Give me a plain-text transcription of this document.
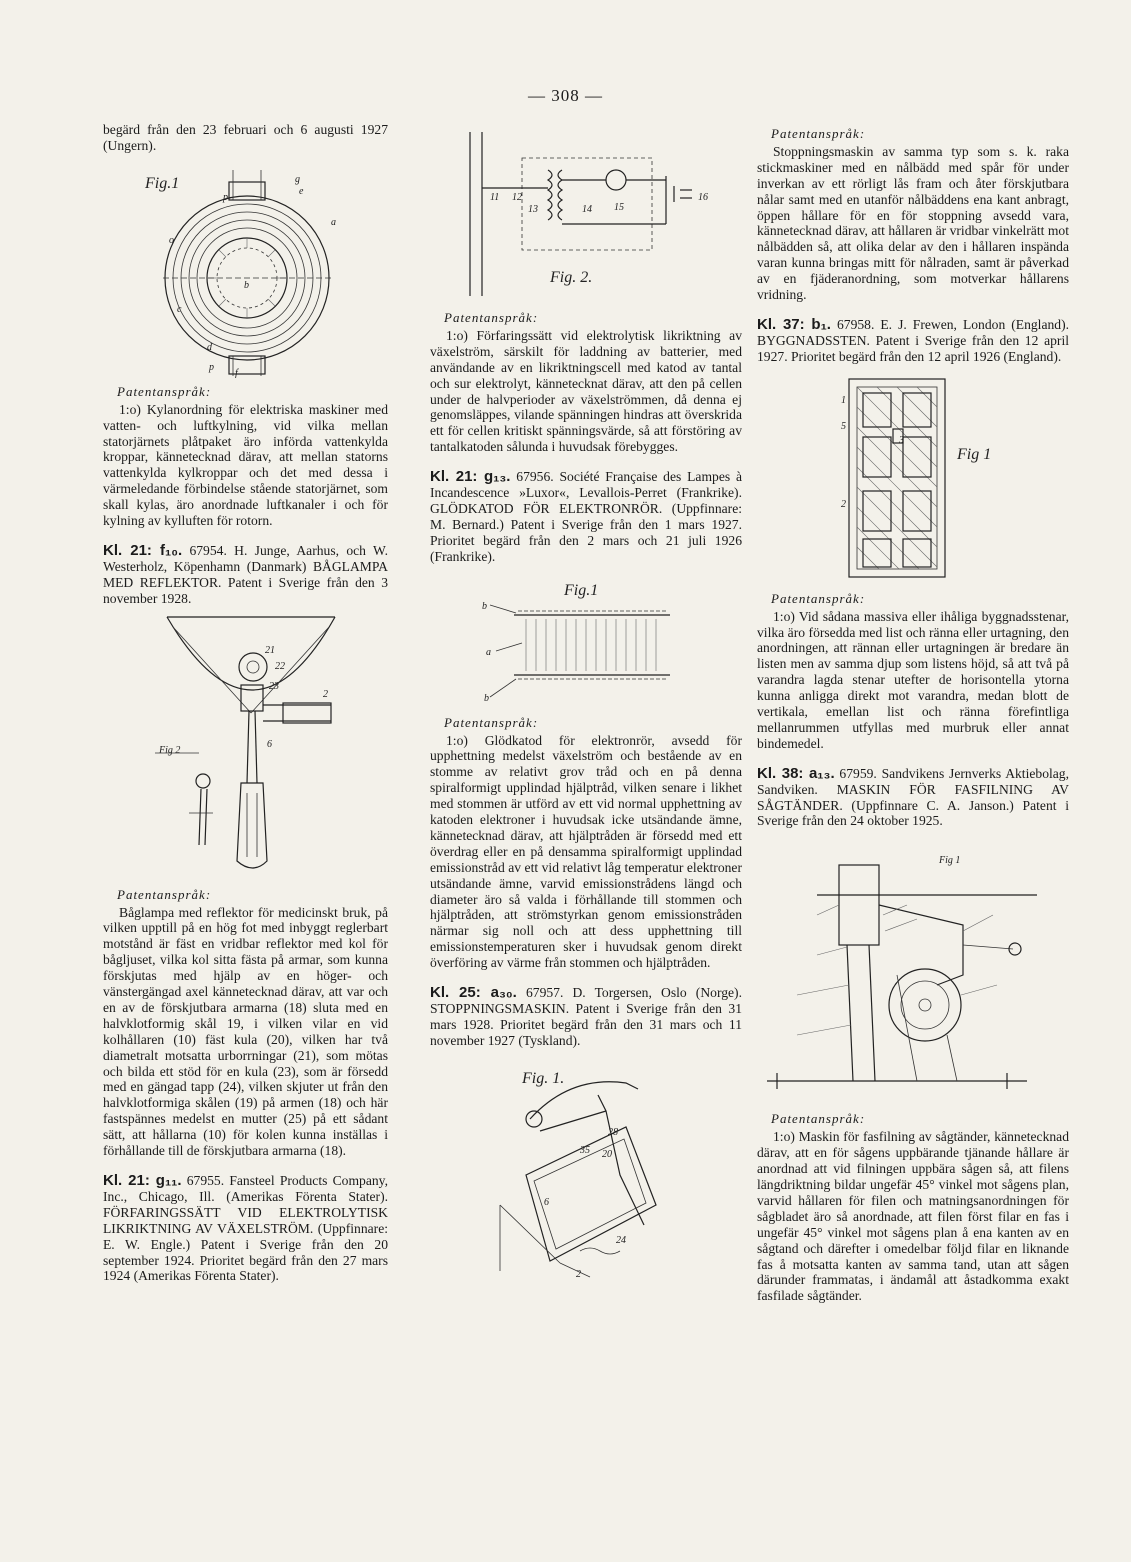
— 308 —

begärd från den 23 februari och 6 augusti 1927 (Ungern).

Fig.1
p
g
e
a
o
b
c
d
p
f
Patentanspråk:

1:o) Kylanordning för elektriska maskiner med vatten- och luftkylning, vid vilka mellan statorjärnets plåtpaket äro införda vattenkylda kroppar, kännetecknad därav, att mellan statorns vattenkylda kylkroppar och det med dessa i värmeledande förbindelse stående statorjärnet, som skall kylas, äro anordnade luftkanaler i och för kylning av kylluften för rotorn.

Kl. 21: f₁₀. 67954. H. Junge, Aarhus, och W. Westerholz, Köpenhamn (Danmark) BÅGLAMPA MED REFLEKTOR. Patent i Sverige från den 3 november 1928.

Fig 2
21
22
23
2
6
Patentanspråk:

Båglampa med reflektor för medicinskt bruk, på vilken upptill på en hög fot med inbyggt reglerbart motstånd är fäst en vridbar reflektor med kol för båglјuset, vilka kol sitta fästa på armar, som kunna förskjutas med hjälp av en höger- och vänstergängad axel kännetecknad därav, att var och en av de förskjutbara armarna (18) sluta med en halvklotformig skål 19, i vilken vilar en vid kolhållaren (10) fäst kula (20), vilken har två diametralt motsatta urborrningar (21), som mötas och bilda ett stöd för en kula (23), som är försedd med en gängad tapp (24), vilken skjuter ut från den halvklotformiga skålen (19) på armen (18) och här fastspännes medelst en mutter (25) på ett sådant sätt, att hållarna (10) för kolen kunna inställas i förhållande till de förskjutbara armarna (18).

Kl. 21: g₁₁. 67955. Fansteel Products Company, Inc., Chicago, Ill. (Amerikas Förenta Stater). FÖRFARINGSSÄTT VID ELEKTROLYTISK LIKRIKTNING AV VÄXELSTRÖM. (Uppfinnare: E. W. Engle.) Patent i Sverige från den 20 september 1924. Prioritet begärd från den 27 mars 1924 (Amerikas Förenta Stater).

11 12
13	14 15
16
Fig. 2.
Patentanspråk:

1:o) Förfaringssätt vid elektrolytisk likriktning av växelström, särskilt för laddning av batterier, med användande av en likriktningscell med katod av tantal och sur elektrolyt, kännetecknat därav, att den på cellen under de halvperioder av växelströmmen, då denna ej genomsläppes, vilande spänningen hindras att överskrida ett för cellen kritiskt spänningsvärde, så att förstöring av tantalkatoden sålunda i huvudsak förebygges.

Kl. 21: g₁₃. 67956. Société Française des Lampes à Incandescence »Luxor«, Levallois-Perret (Frankrike). GLÖDKATOD FÖR ELEKTRONRÖR. (Uppfinnare: M. Bernard.) Patent i Sverige från den 1 mars 1927. Prioritet begärd från den 2 mars och 21 juli 1926 (Frankrike).

Fig.1
b
a
b
Patentanspråk:

1:o) Glödkatod för elektronrör, avsedd för upphettning medelst växelström och bestående av en stomme av relativt grov tråd och en på denna spiralformigt upplindad hjälptråd, vilken senare i likhet med stommen är utförd av ett vid normal upphettning av katoden elektroner i huvudsak icke utsändande ämne, kännetecknad därav, att hjälptråden är försedd med ett överdrag eller en på densamma spiralformigt upplindad emissionstråd av ett vid relativt låg temperatur elektroner utsändande ämne, varvid emissionstrådens längd och diameter äro så valda i förhållande till stommen och hjälptråden, att strömstyrkan genom emissionstråden närmar sig noll och att dess upphettning till emissionstemperaturen sker i huvudsak genom direkt överföring av värme från stommen och hjälptråden.

Kl. 25: a₃₀. 67957. D. Torgersen, Oslo (Norge). STOPPNINGSMASKIN. Patent i Sverige från den 31 mars 1928. Prioritet begärd från den 31 mars och 11 november 1927 (Tyskland).

Fig. 1.
28
35 20
6
24
2
Patentanspråk:

Stoppningsmaskin av samma typ som s. k. raka stickmaskiner med en nålbädd med spår för under inverkan av ett rörligt lås fram och åter förskjutbara nålar samt med en utanför nålbäddens ena kant anbragt, öppen hållare för en för stoppning avsedd vara, kännetecknad därav, att hållaren är vridbar vinkelrätt mot nålbädden så, att olika delar av den i hållaren inspända varan kunna bringas mitt för nålraden, samt är påverkad av en fjäderanordning, som motverkar hållarens vridning.

Kl. 37: b₁. 67958. E. J. Frewen, London (England). BYGGNADSSTEN. Patent i Sverige från den 12 april 1927. Prioritet begärd från den 12 april 1926 (England).

1
5
2
3
Fig 1
Patentanspråk:

1:o) Vid sådana massiva eller ihåliga byggnadsstenar, vilka äro försedda med list och ränna eller urtagning, den anordningen, att rännan eller urtagningen är bredare än listen men av samma djup som listens höjd, så att två på varandra lagda stenar utefter de horisontella ytorna kunna anligga direkt mot varandra, medan blott de vertikala, emellan list och ränna förefintliga mellanrummen utfyllas med murbruk eller annat bindemedel.

Kl. 38: a₁₃. 67959. Sandvikens Jernverks Aktiebolag, Sandviken. MASKIN FÖR FASFILNING AV SÅGTÄNDER. (Uppfinnare C. A. Janson.) Patent i Sverige från den 24 oktober 1925.

Fig 1
Patentanspråk:

1:o) Maskin för fasfilning av sågtänder, kännetecknad därav, att en för sågens uppbärande tjänande hållare är anordnad att vid filningen uppbära sågen så, att filens längdriktning bildar ungefär 45° vinkel mot sågens plan, varvid hållaren för filen och matningsanordningen för sågbladet äro så anordnade, att filen först filar en fas i ungefär 45° vinkel mot sågens plan å ena kanten av en sågtand och därefter i omedelbar följd filar en liknande fas å motsatta kanten av samma tand, utan att sågen därunder frammatas, i ändamål att åstadkomma exakt fasfilade sågtänder.
